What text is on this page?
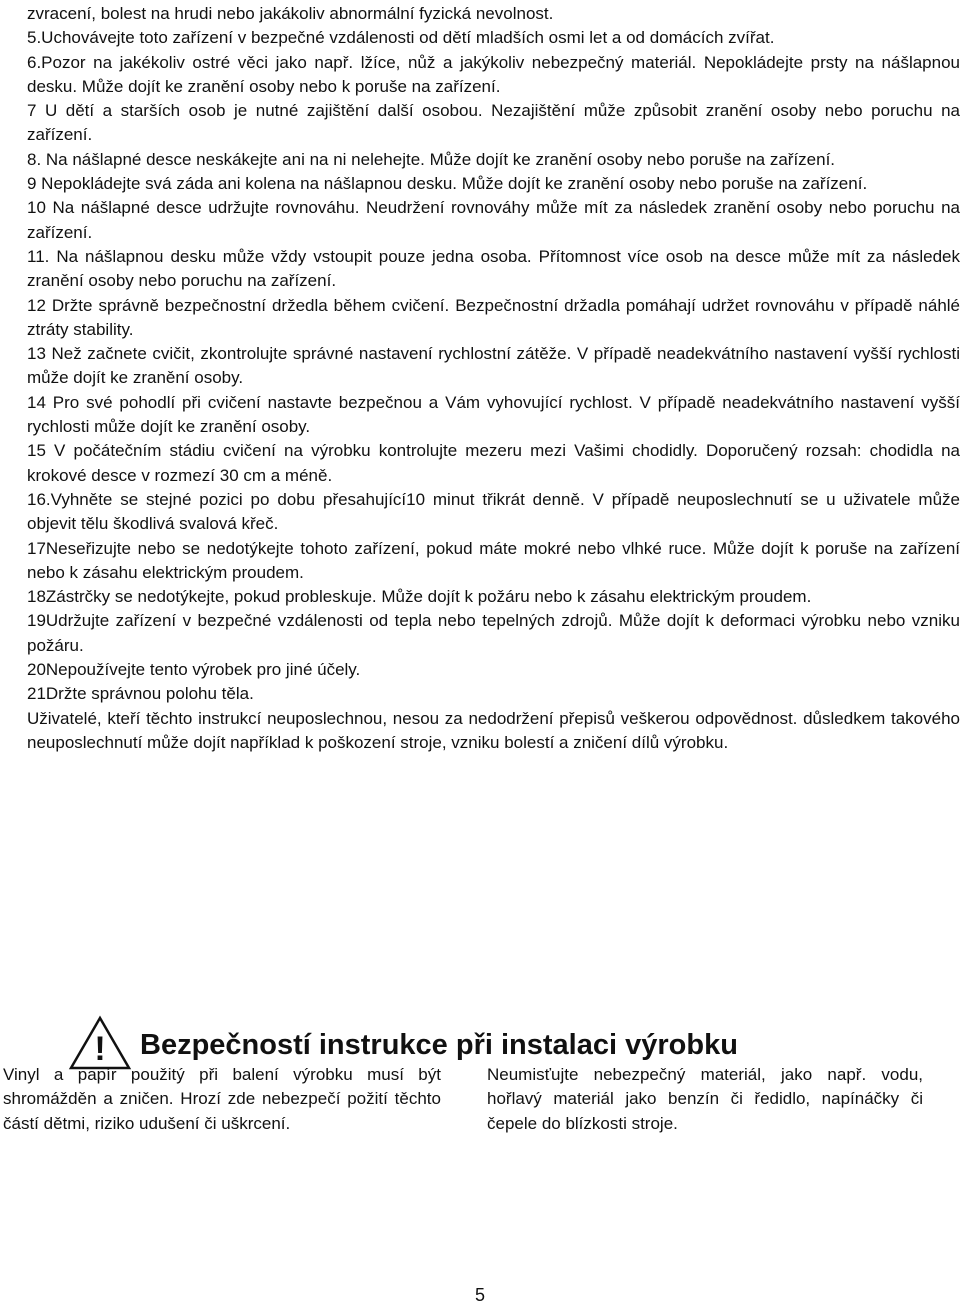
zvracení, bolest na hrudi nebo jakákoliv abnormální fyzická nevolnost.

5.Uchovávejte toto zařízení v bezpečné vzdálenosti od dětí mladších osmi let a od domácích zvířat.

6.Pozor na jakékoliv ostré věci jako např. lžíce, nůž a jakýkoliv nebezpečný materiál. Nepokládejte prsty na nášlapnou desku. Může dojít ke zranění osoby nebo k poruše na zařízení.

7 U dětí a starších osob je nutné zajištění další osobou. Nezajištění může způsobit zranění osoby nebo poruchu na zařízení.

8. Na nášlapné desce neskákejte ani na ni nelehejte. Může dojít ke zranění osoby nebo poruše na zařízení.

9 Nepokládejte svá záda ani kolena na nášlapnou desku. Může dojít ke zranění osoby nebo poruše na zařízení.

10 Na nášlapné desce udržujte rovnováhu. Neudržení rovnováhy může mít za následek zranění osoby nebo poruchu na zařízení.

11. Na nášlapnou desku může vždy vstoupit pouze jedna osoba. Přítomnost více osob na desce může mít za následek zranění osoby nebo poruchu na zařízení.

12 Držte správně bezpečnostní držedla během cvičení. Bezpečnostní držadla pomáhají udržet rovnováhu v případě náhlé ztráty stability.

13 Než začnete cvičit, zkontrolujte správné nastavení rychlostní zátěže. V případě neadekvátního nastavení vyšší rychlosti může dojít ke zranění osoby.

14 Pro své pohodlí při cvičení nastavte bezpečnou a Vám vyhovující rychlost. V případě neadekvátního nastavení vyšší rychlosti může dojít ke zranění osoby.

15 V počátečním stádiu cvičení na výrobku kontrolujte mezeru mezi Vašimi chodidly. Doporučený rozsah: chodidla na krokové desce v rozmezí 30 cm a méně.

16.Vyhněte se stejné pozici po dobu přesahující10 minut třikrát denně. V případě neuposlechnutí se u uživatele může objevit tělu škodlivá svalová křeč.

17Neseřizujte nebo se nedotýkejte tohoto zařízení, pokud máte mokré nebo vlhké ruce. Může dojít k poruše na zařízení nebo k zásahu elektrickým proudem.

18Zástrčky se nedotýkejte, pokud probleskuje. Může dojít k požáru nebo k zásahu elektrickým proudem.

19Udržujte zařízení v bezpečné vzdálenosti od tepla nebo tepelných zdrojů. Může dojít k deformaci výrobku nebo vzniku požáru.

20Nepoužívejte tento výrobek pro jiné účely.

21Držte správnou polohu těla.

Uživatelé, kteří těchto instrukcí neuposlechnou, nesou za nedodržení přepisů veškerou odpovědnost. důsledkem takového neuposlechnutí může dojít například k poškození stroje, vzniku bolestí a zničení dílů výrobku.

! Bezpečností instrukce při instalaci výrobku

Vinyl a papír použitý při balení výrobku musí být shromážděn a zničen. Hrozí zde nebezpečí požití těchto částí dětmi, riziko udušení či uškrcení.

Neumisťujte nebezpečný materiál, jako např. vodu, hořlavý materiál jako benzín či ředidlo, napínáčky či čepele do blízkosti stroje.

5
